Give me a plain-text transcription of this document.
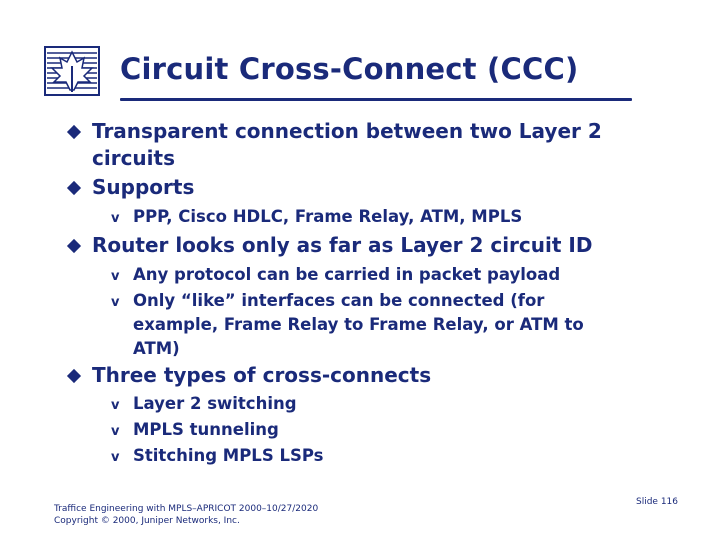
Circuit Cross-Connect (CCC)
Transparent connection between two Layer 2 circuits
Supports
v PPP, Cisco HDLC, Frame Relay, ATM, MPLS
Router looks only as far as Layer 2 circuit ID
v Any protocol can be carried in packet payload
v Only “like” interfaces can be connected (for example, Frame Relay to Frame Relay, or ATM to ATM)
Three types of cross-connects
v Layer 2 switching
v MPLS tunneling
v Stitching MPLS LSPs
Traffice Engineering with MPLS–APRICOT 2000–10/27/2020
Copyright © 2000, Juniper Networks, Inc.
Slide 116
